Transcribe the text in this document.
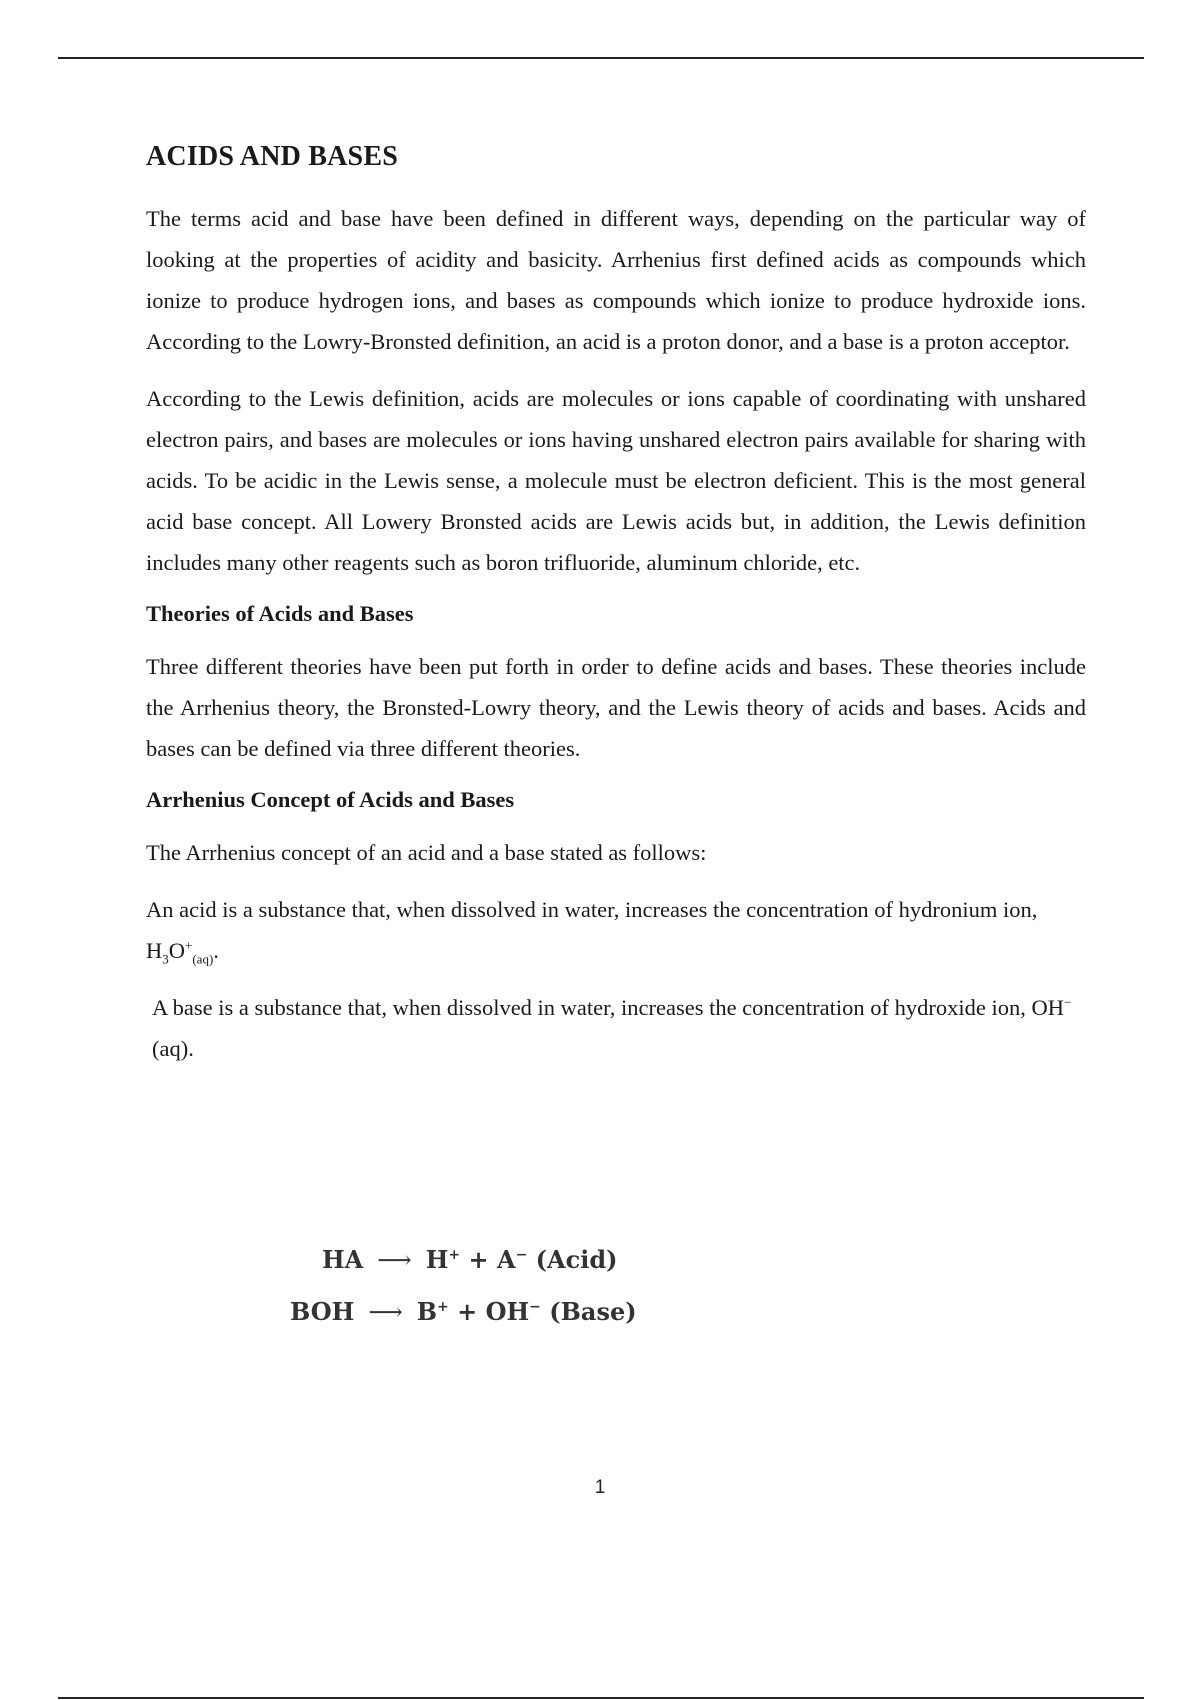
ACIDS AND BASES

The terms acid and base have been defined in different ways, depending on the particular way of looking at the properties of acidity and basicity. Arrhenius first defined acids as compounds which ionize to produce hydrogen ions, and bases as compounds which ionize to produce hydroxide ions. According to the Lowry-Bronsted definition, an acid is a proton donor, and a base is a proton acceptor.

According to the Lewis definition, acids are molecules or ions capable of coordinating with unshared electron pairs, and bases are molecules or ions having unshared electron pairs available for sharing with acids. To be acidic in the Lewis sense, a molecule must be electron deficient. This is the most general acid base concept. All Lowery Bronsted acids are Lewis acids but, in addition, the Lewis definition includes many other reagents such as boron trifluoride, aluminum chloride, etc.

Theories of Acids and Bases

Three different theories have been put forth in order to define acids and bases. These theories include the Arrhenius theory, the Bronsted-Lowry theory, and the Lewis theory of acids and bases. Acids and bases can be defined via three different theories.

Arrhenius Concept of Acids and Bases

The Arrhenius concept of an acid and a base stated as follows:

An acid is a substance that, when dissolved in water, increases the concentration of hydronium ion, $H_3O^+_{(aq)}$.

A base is a substance that, when dissolved in water, increases the concentration of hydroxide ion, OH−(aq).

HA ⟶ H+ + A− (Acid)
BOH ⟶ B+ + OH− (Base)
1
